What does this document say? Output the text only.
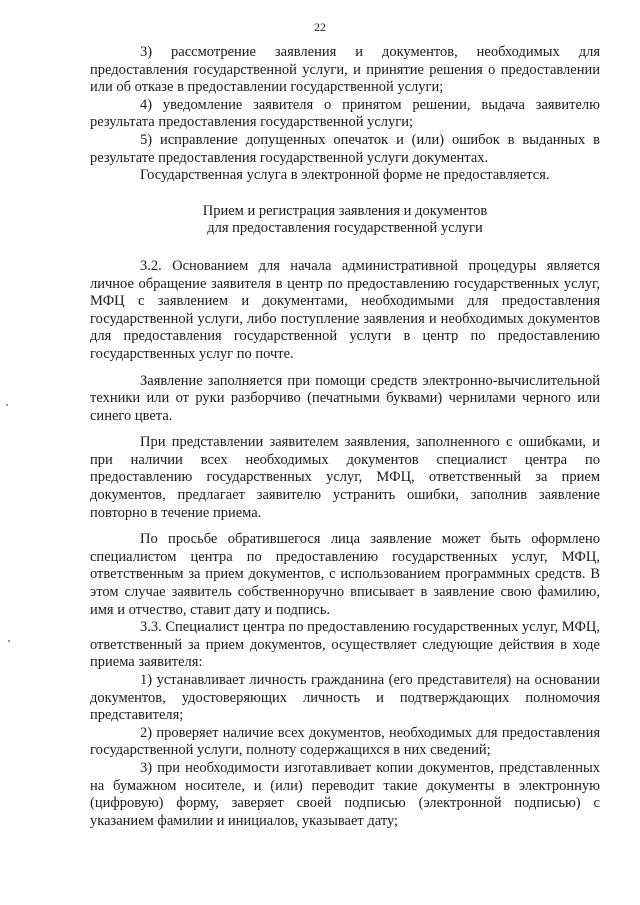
22

3) рассмотрение заявления и документов, необходимых для предоставления государственной услуги, и принятие решения о предоставлении или об отказе в предоставлении государственной услуги;

4) уведомление заявителя о принятом решении, выдача заявителю результата предоставления государственной услуги;

5) исправление допущенных опечаток и (или) ошибок в выданных в результате предоставления государственной услуги документах.

Государственная услуга в электронной форме не предоставляется.

Прием и регистрация заявления и документов
для предоставления государственной услуги

3.2. Основанием для начала административной процедуры является личное обращение заявителя в центр по предоставлению государственных услуг, МФЦ с заявлением и документами, необходимыми для предоставления государственной услуги, либо поступление заявления и необходимых документов для предоставления государственной услуги в центр по предоставлению государственных услуг по почте.

Заявление заполняется при помощи средств электронно-вычислительной техники или от руки разборчиво (печатными буквами) чернилами черного или синего цвета.

При представлении заявителем заявления, заполненного с ошибками, и при наличии всех необходимых документов специалист центра по предоставлению государственных услуг, МФЦ, ответственный за прием документов, предлагает заявителю устранить ошибки, заполнив заявление повторно в течение приема.

По просьбе обратившегося лица заявление может быть оформлено специалистом центра по предоставлению государственных услуг, МФЦ, ответственным за прием документов, с использованием программных средств. В этом случае заявитель собственноручно вписывает в заявление свою фамилию, имя и отчество, ставит дату и подпись.

3.3. Специалист центра по предоставлению государственных услуг, МФЦ, ответственный за прием документов, осуществляет следующие действия в ходе приема заявителя:

1) устанавливает личность гражданина (его представителя) на основании документов, удостоверяющих личность и подтверждающих полномочия представителя;

2) проверяет наличие всех документов, необходимых для предоставления государственной услуги, полноту содержащихся в них сведений;

3) при необходимости изготавливает копии документов, представленных на бумажном носителе, и (или) переводит такие документы в электронную (цифровую) форму, заверяет своей подписью (электронной подписью) с указанием фамилии и инициалов, указывает дату;
